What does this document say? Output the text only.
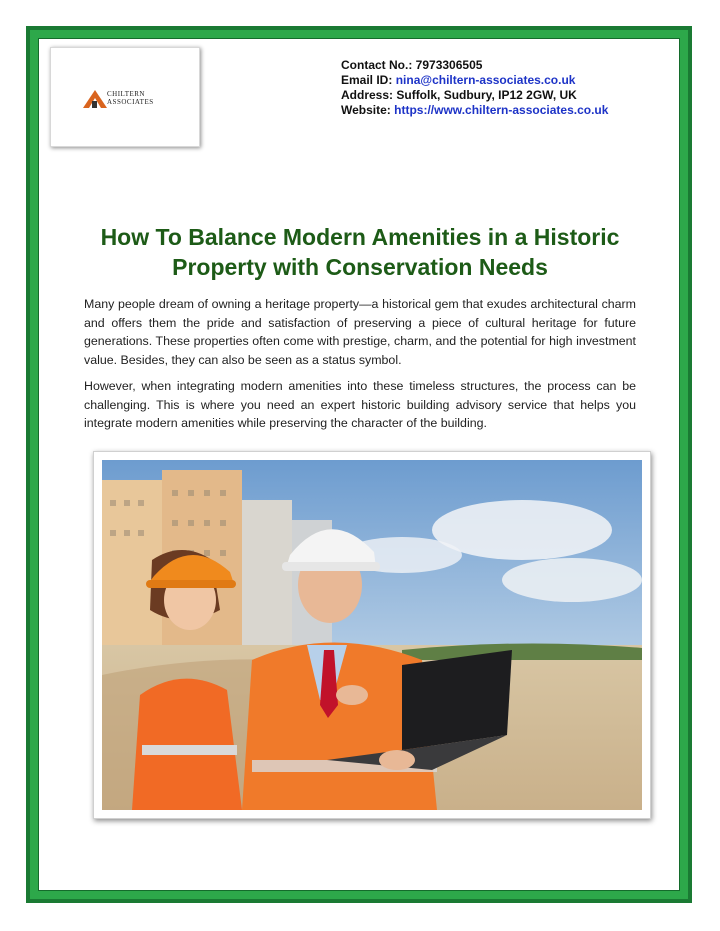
CHILTERN
ASSOCIATES
Contact No.: 7973306505
Email ID: nina@chiltern-associates.co.uk
Address: Suffolk, Sudbury, IP12 2GW, UK
Website: https://www.chiltern-associates.co.uk
How To Balance Modern Amenities in a Historic Property with Conservation Needs
Many people dream of owning a heritage property—a historical gem that exudes architectural charm and offers them the pride and satisfaction of preserving a piece of cultural heritage for future generations. These properties often come with prestige, charm, and the potential for high investment value. Besides, they can also be seen as a status symbol.
However, when integrating modern amenities into these timeless structures, the process can be challenging. This is where you need an expert historic building advisory service that helps you integrate modern amenities while preserving the character of the building.
